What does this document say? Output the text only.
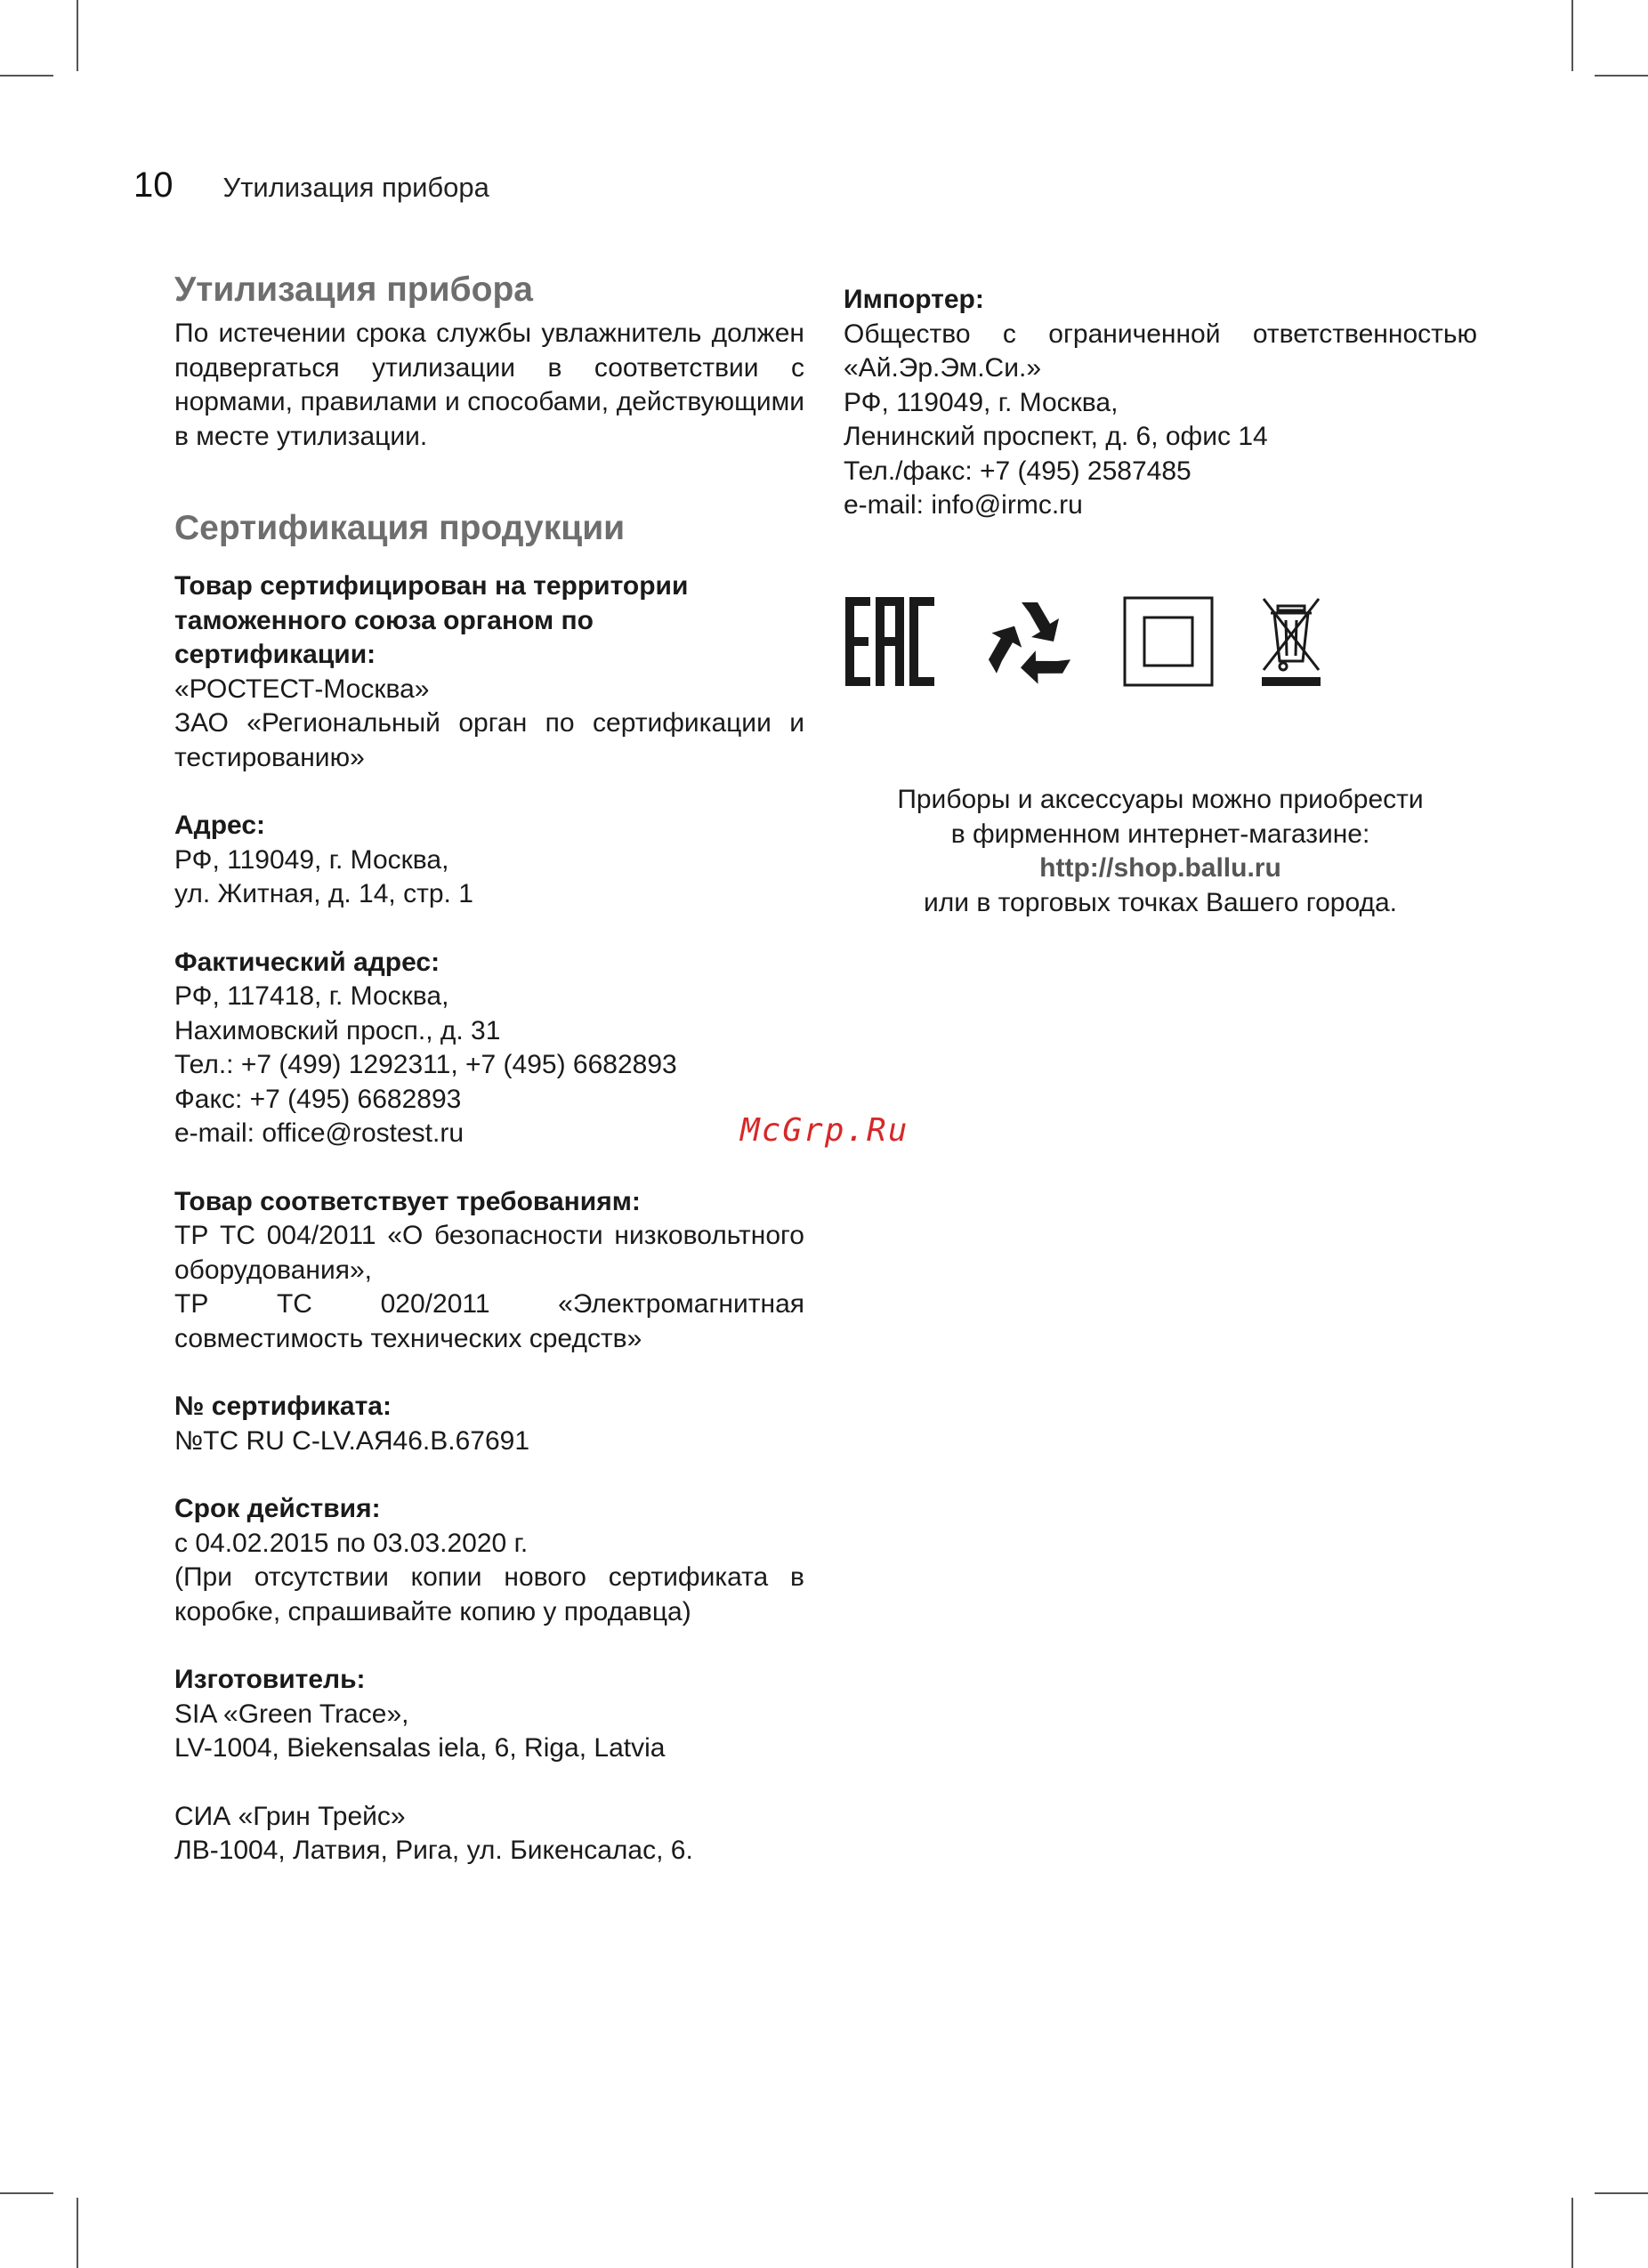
10 Утилизация прибора
Утилизация прибора

По истечении срока службы увлажнитель должен подвергаться утилизации в соответствии с нормами, правилами и способами, действующими в месте утилизации.

Сертификация продукции

Товар сертифицирован на территории таможенного союза органом по сертификации:

«РОСТЕСТ-Москва»

ЗАО «Региональный орган по сертификации и тестированию»

Адрес:

РФ, 119049, г. Москва,

ул. Житная, д. 14, стр. 1

Фактический адрес:

РФ, 117418, г. Москва,

Нахимовский просп., д. 31

Тел.: +7 (499) 1292311, +7 (495) 6682893

Факс: +7 (495) 6682893

e-mail: office@rostest.ru

Товар соответствует требованиям:

ТР ТС 004/2011 «О безопасности низковольтного оборудования»,

ТР ТС 020/2011 «Электромагнитная совместимость технических средств»

№ сертификата:

№ТС RU C-LV.АЯ46.В.67691

Срок действия:

с 04.02.2015 по 03.03.2020 г.

(При отсутствии копии нового сертификата в коробке, спрашивайте копию у продавца)

Изготовитель:

SIA «Green Trace»,

LV-1004, Biekensalas iela, 6, Riga, Latvia

СИА «Грин Трейс»

ЛВ-1004, Латвия, Рига, ул. Бикенсалас, 6.

Импортер:

Общество с ограниченной ответственностью «Ай.Эр.Эм.Си.»

РФ, 119049, г. Москва,

Ленинский проспект, д. 6, офис 14

Тел./факс: +7 (495) 2587485

e-mail: info@irmc.ru

Приборы и аксессуары можно приобрести

в фирменном интернет-магазине:

http://shop.ballu.ru

или в торговых точках Вашего города.

McGrp.Ru
